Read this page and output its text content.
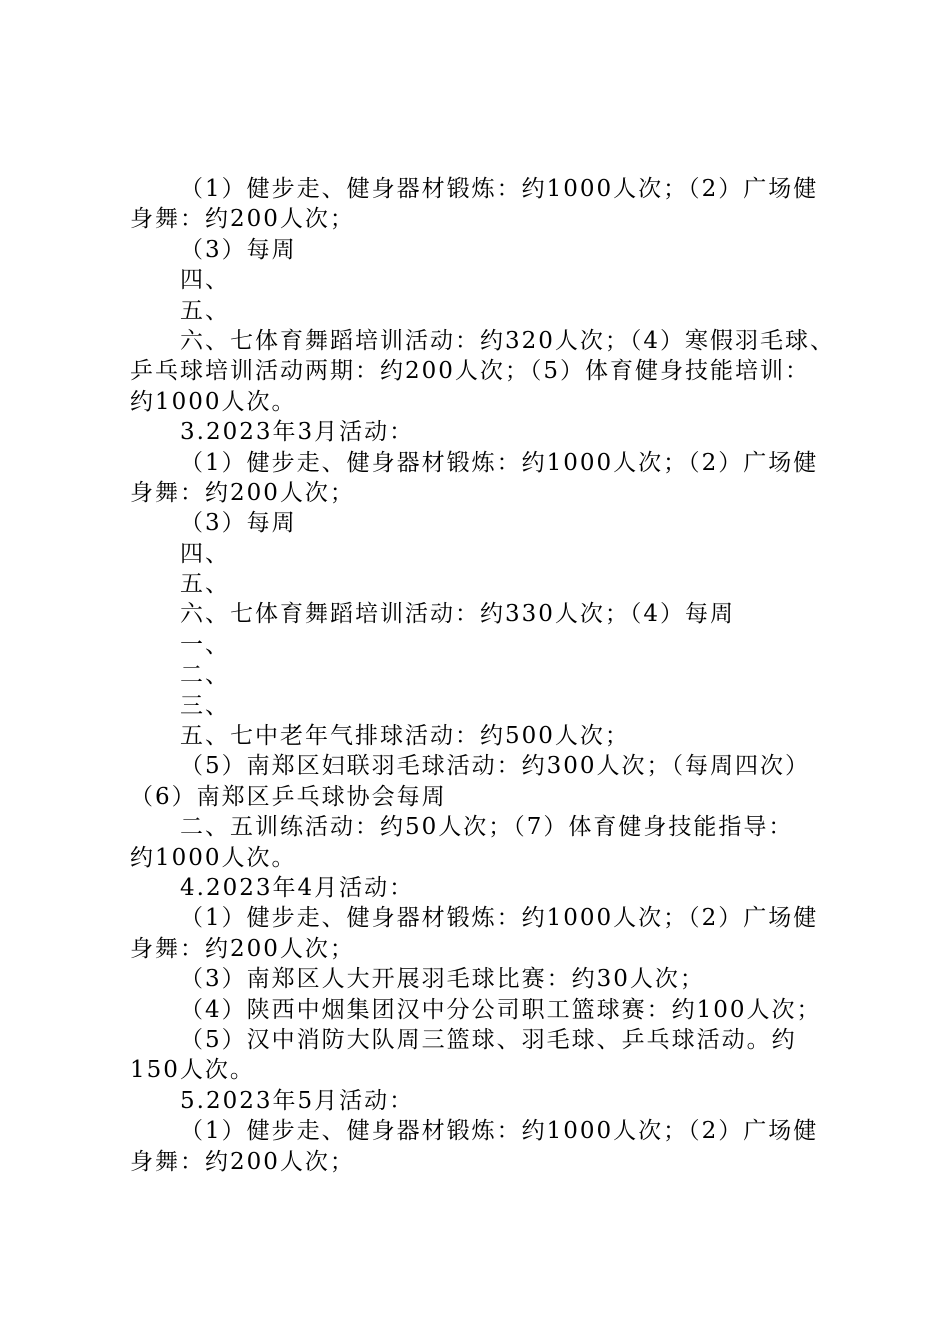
（1）健步走、健身器材锻炼：约1000人次；（2）广场健
身舞：约200人次；
（3）每周
四、
五、
六、七体育舞蹈培训活动：约320人次；（4）寒假羽毛球、
乒乓球培训活动两期：约200人次；（5）体育健身技能培训：
约1000人次。
3.2023年3月活动：
（1）健步走、健身器材锻炼：约1000人次；（2）广场健
身舞：约200人次；
（3）每周
四、
五、
六、七体育舞蹈培训活动：约330人次；（4）每周
一、
二、
三、
五、七中老年气排球活动：约500人次；
（5）南郑区妇联羽毛球活动：约300人次；（每周四次）
（6）南郑区乒乓球协会每周
二、五训练活动：约50人次；（7）体育健身技能指导：
约1000人次。
4.2023年4月活动：
（1）健步走、健身器材锻炼：约1000人次；（2）广场健
身舞：约200人次；
（3）南郑区人大开展羽毛球比赛：约30人次；
（4）陕西中烟集团汉中分公司职工篮球赛：约100人次；
（5）汉中消防大队周三篮球、羽毛球、乒乓球活动。约
150人次。
5.2023年5月活动：
（1）健步走、健身器材锻炼：约1000人次；（2）广场健
身舞：约200人次；
